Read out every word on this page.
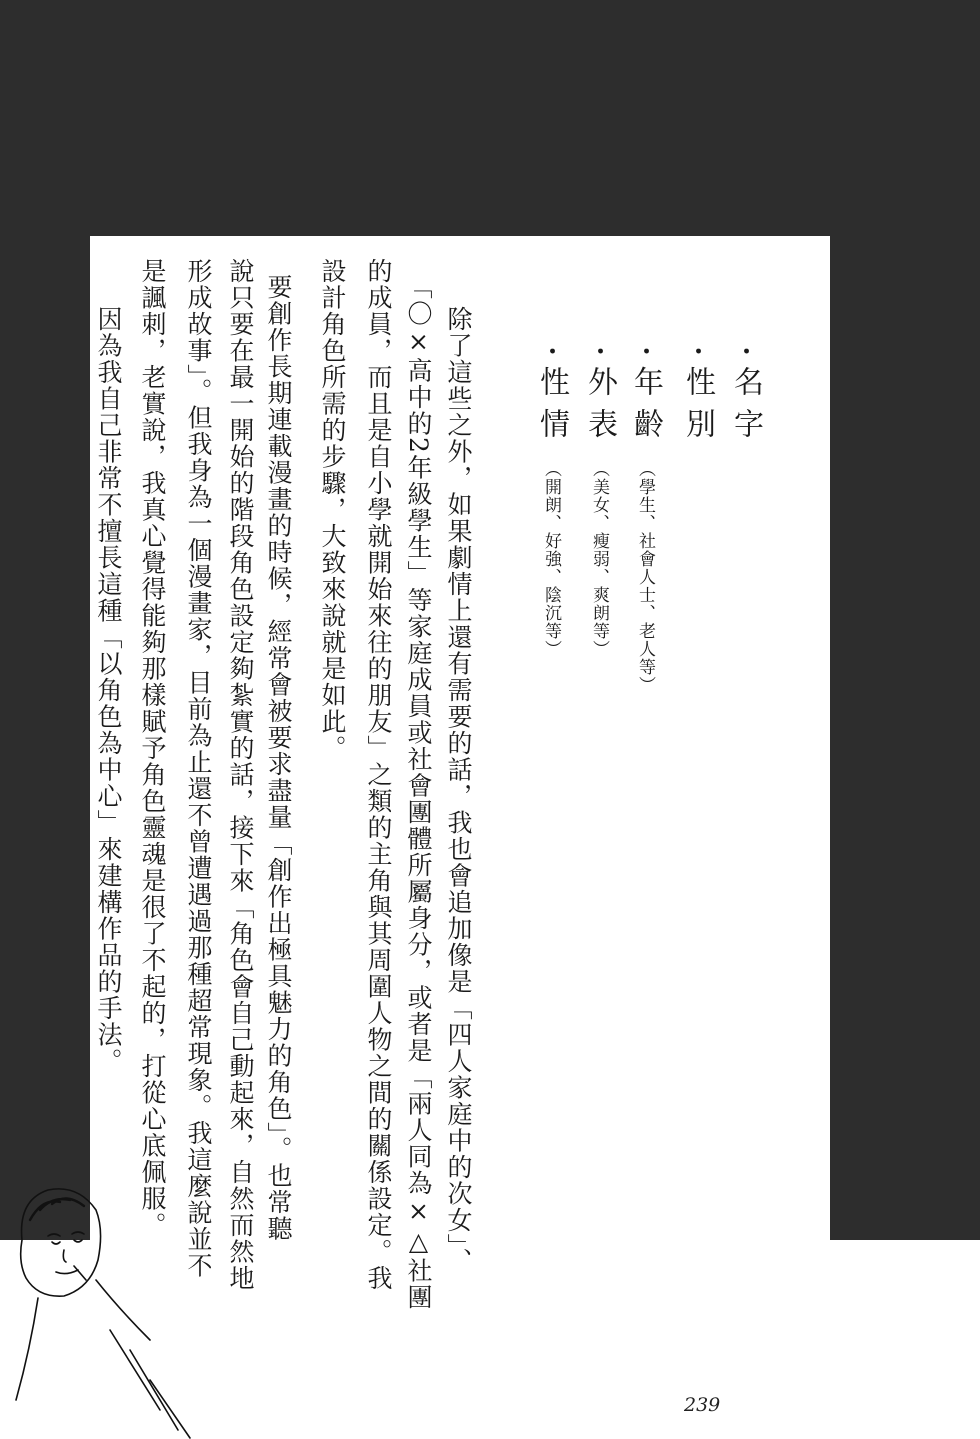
・名字
・性別
・年齡（學生、社會人士、老人等）
・外表（美女、瘦弱、爽朗等）
・性情（開朗、好強、陰沉等）
除了這些之外，如果劇情上還有需要的話，我也會追加像是「四人家庭中的次女」、
「〇×高中的2年級學生」等家庭成員或社會團體所屬身分，或者是「兩人同為×△社團
的成員，而且是自小學就開始來往的朋友」之類的主角與其周圍人物之間的關係設定。我
設計角色所需的步驟，大致來說就是如此。
要創作長期連載漫畫的時候，經常會被要求盡量「創作出極具魅力的角色」。也常聽
說只要在最一開始的階段角色設定夠紮實的話，接下來「角色會自己動起來，自然而然地
形成故事」。但我身為一個漫畫家，目前為止還不曾遭遇過那種超常現象。我這麼說並不
是諷刺，老實說，我真心覺得能夠那樣賦予角色靈魂是很了不起的，打從心底佩服。
因為我自己非常不擅長這種「以角色為中心」來建構作品的手法。
239
